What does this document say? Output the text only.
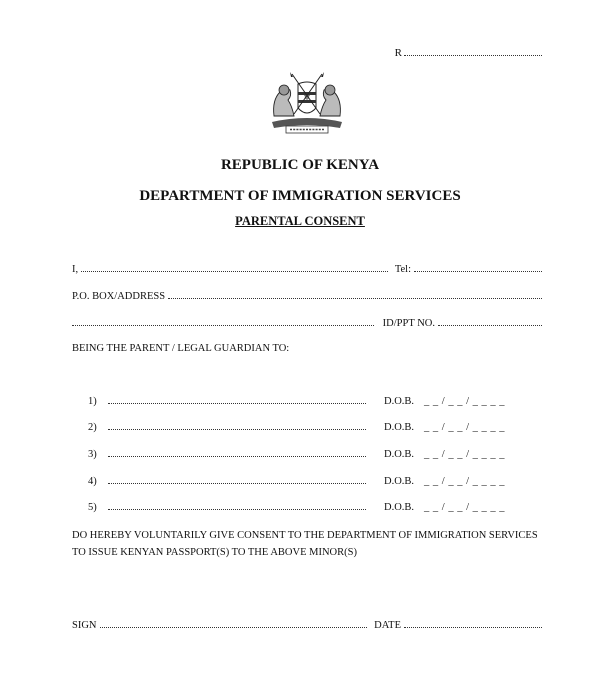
R
REPUBLIC OF KENYA
DEPARTMENT OF IMMIGRATION SERVICES
PARENTAL CONSENT
I,	Tel:
P.O. BOX/ADDRESS
ID/PPT NO.
BEING THE PARENT / LEGAL GUARDIAN TO:
1)	D.O.B. _ _ / _ _ / _ _ _ _
2)	D.O.B. _ _ / _ _ / _ _ _ _
3)	D.O.B. _ _ / _ _ / _ _ _ _
4)	D.O.B. _ _ / _ _ / _ _ _ _
5)	D.O.B. _ _ / _ _ / _ _ _ _
DO HEREBY VOLUNTARILY GIVE CONSENT TO THE DEPARTMENT OF IMMIGRATION SERVICES TO ISSUE KENYAN PASSPORT(S) TO THE ABOVE MINOR(S)
SIGN	DATE
